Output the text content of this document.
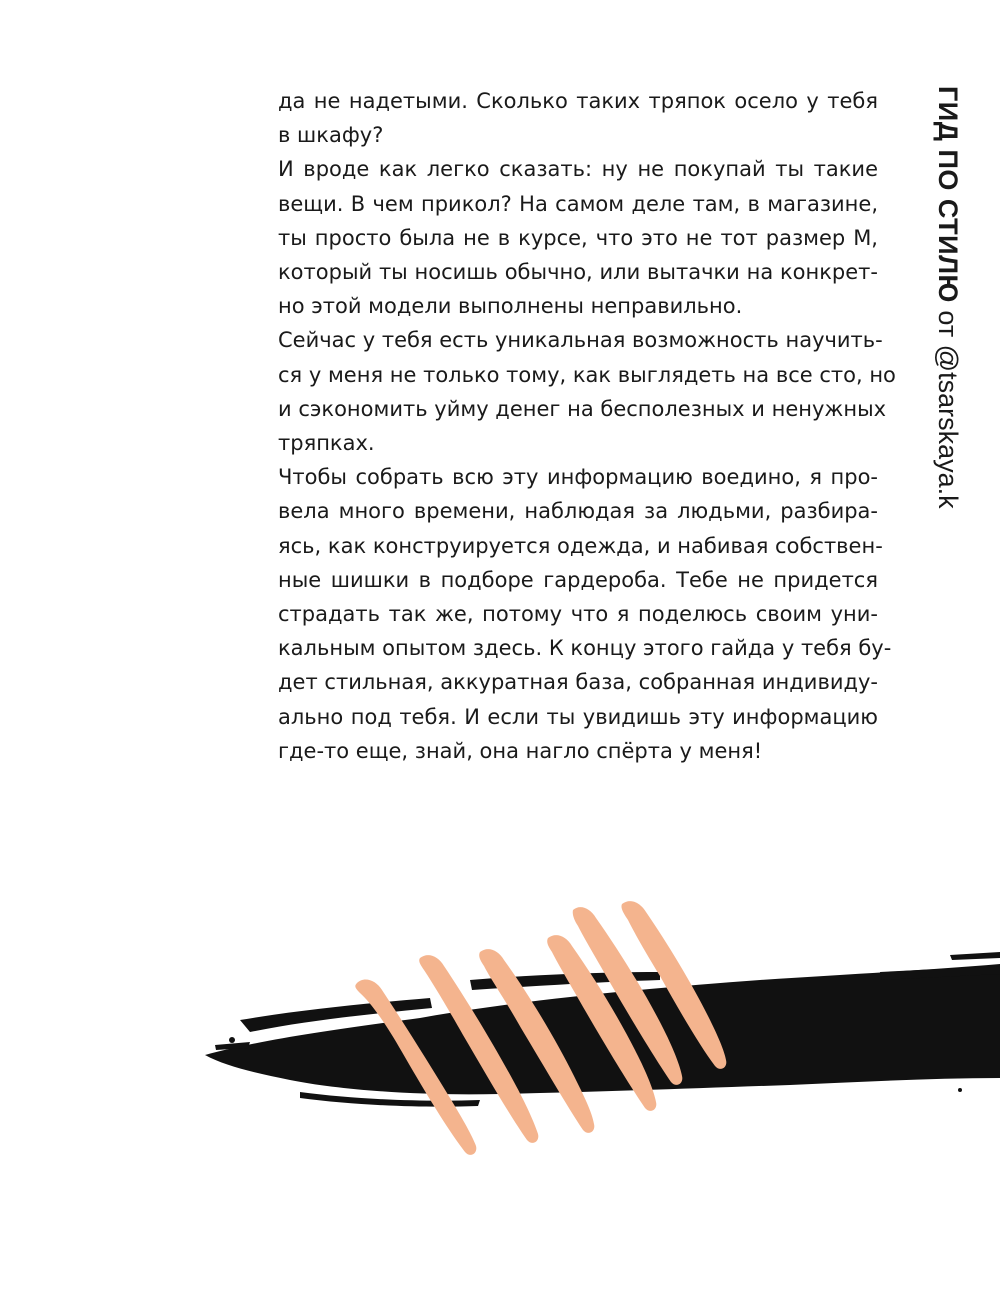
ГИД ПО СТИЛЮ от @tsarskaya.k
да не надетыми. Сколько таких тряпок осело у тебя
в шкафу?
И вроде как легко сказать: ну не покупай ты такие
вещи. В чем прикол? На самом деле там, в магазине,
ты просто была не в курсе, что это не тот размер М,
который ты носишь обычно, или вытачки на конкрет-
но этой модели выполнены неправильно.
Сейчас у тебя есть уникальная возможность научить-
ся у меня не только тому, как выглядеть на все сто, но
и сэкономить уйму денег на бесполезных и ненужных
тряпках.
Чтобы собрать всю эту информацию воедино, я про-
вела много времени, наблюдая за людьми, разбира-
ясь, как конструируется одежда, и набивая собствен-
ные шишки в подборе гардероба. Тебе не придется
страдать так же, потому что я поделюсь своим уни-
кальным опытом здесь. К концу этого гайда у тебя бу-
дет стильная, аккуратная база, собранная индивиду-
ально под тебя. И если ты увидишь эту информацию
где-то еще, знай, она нагло спёрта у меня!
